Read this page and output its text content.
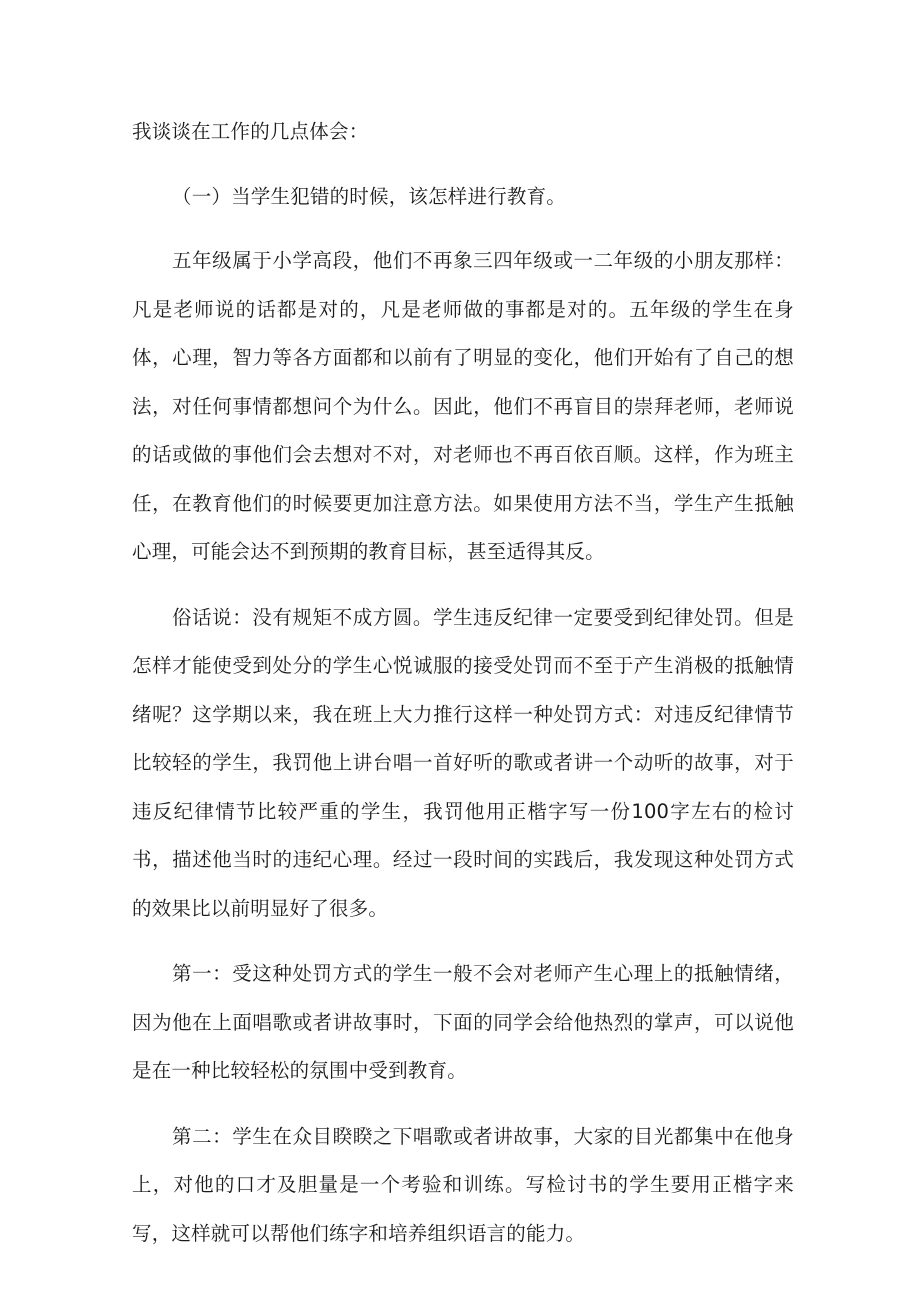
我谈谈在工作的几点体会：

（一）当学生犯错的时候，该怎样进行教育。

五年级属于小学高段，他们不再象三四年级或一二年级的小朋友那样：凡是老师说的话都是对的，凡是老师做的事都是对的。五年级的学生在身体，心理，智力等各方面都和以前有了明显的变化，他们开始有了自己的想法，对任何事情都想问个为什么。因此，他们不再盲目的崇拜老师，老师说的话或做的事他们会去想对不对，对老师也不再百依百顺。这样，作为班主任，在教育他们的时候要更加注意方法。如果使用方法不当，学生产生抵触心理，可能会达不到预期的教育目标，甚至适得其反。

俗话说：没有规矩不成方圆。学生违反纪律一定要受到纪律处罚。但是怎样才能使受到处分的学生心悦诚服的接受处罚而不至于产生消极的抵触情绪呢？这学期以来，我在班上大力推行这样一种处罚方式：对违反纪律情节比较轻的学生，我罚他上讲台唱一首好听的歌或者讲一个动听的故事，对于违反纪律情节比较严重的学生，我罚他用正楷字写一份100字左右的检讨书，描述他当时的违纪心理。经过一段时间的实践后，我发现这种处罚方式的效果比以前明显好了很多。

第一：受这种处罚方式的学生一般不会对老师产生心理上的抵触情绪，因为他在上面唱歌或者讲故事时，下面的同学会给他热烈的掌声，可以说他是在一种比较轻松的氛围中受到教育。

第二：学生在众目睽睽之下唱歌或者讲故事，大家的目光都集中在他身上，对他的口才及胆量是一个考验和训练。写检讨书的学生要用正楷字来写，这样就可以帮他们练字和培养组织语言的能力。
